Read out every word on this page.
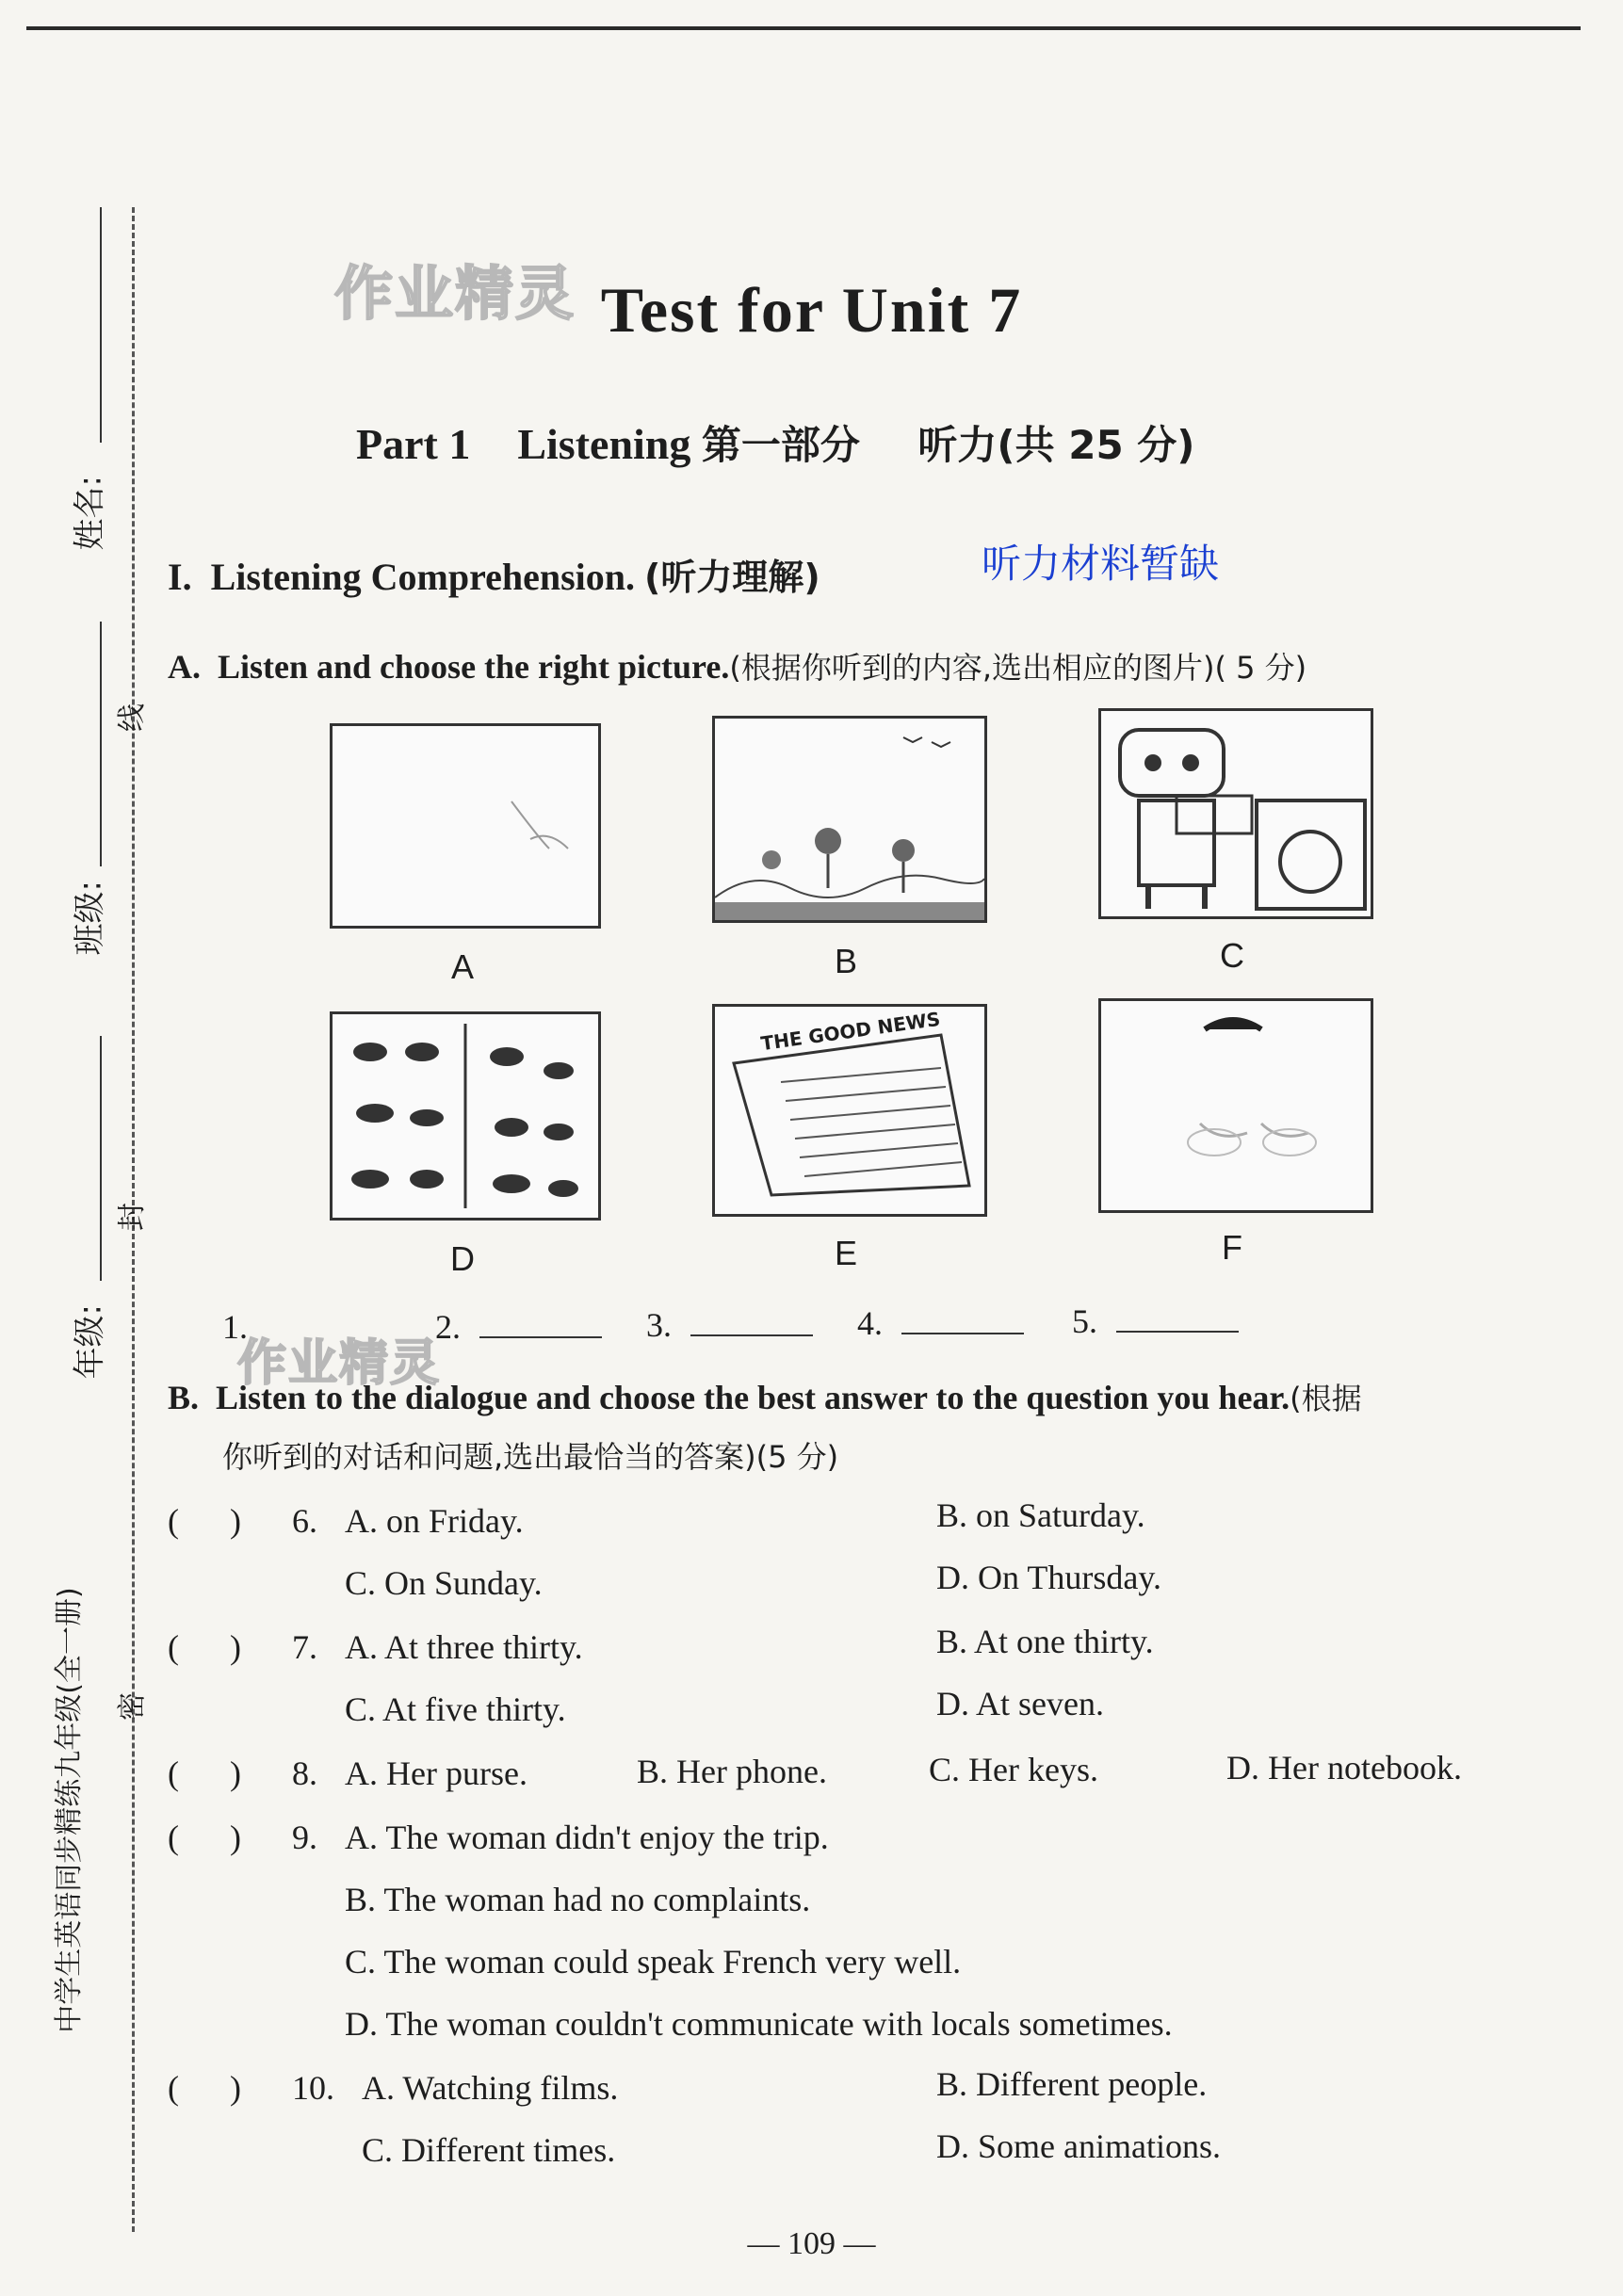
姓名:
班级:
年级:
线
封
密
中学生英语同步精练九年级(全一册)
作业精灵
作业精灵
Test for Unit 7
Part 1 Listening 第一部分 听力(共 25 分)
I. Listening Comprehension. (听力理解)	听力材料暂缺
A. Listen and choose the right picture.(根据你听到的内容,选出相应的图片)( 5 分)
THE GOOD NEWS
A	B	C
D	E	F
1.	2.	3.	4.	5.
B. Listen to the dialogue and choose the best answer to the question you hear.(根据
你听到的对话和问题,选出最恰当的答案)(5 分)
(      ) 6. A. on Friday.	B. on Saturday.
C. On Sunday.	D. On Thursday.
(      ) 7. A. At three thirty.	B. At one thirty.
C. At five thirty.	D. At seven.
(      ) 8. A. Her purse.	B. Her phone.	C. Her keys.	D. Her notebook.
(      ) 9. A. The woman didn't enjoy the trip.
B. The woman had no complaints.
C. The woman could speak French very well.
D. The woman couldn't communicate with locals sometimes.
(      ) 10. A. Watching films.	B. Different people.
C. Different times.	D. Some animations.
— 109 —
